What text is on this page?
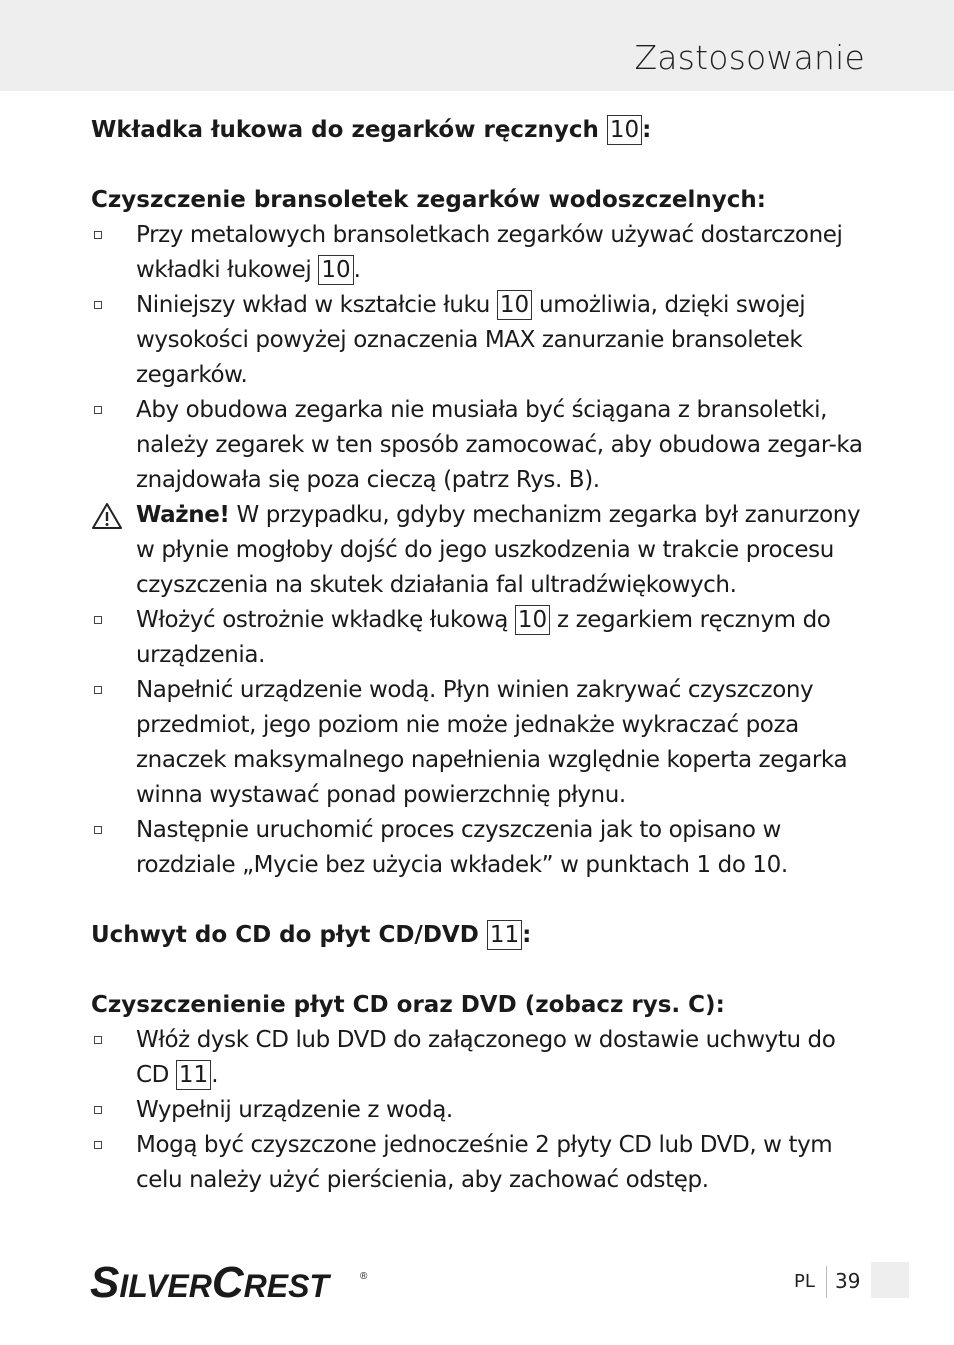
Zastosowanie

Wkładka łukowa do zegarków ręcznych 10 :

Czyszczenie bransoletek zegarków wodoszczelnych:

Przy metalowych bransoletkach zegarków używać dostarczonej wkładki łukowej 10 .

Niniejszy wkład w kształcie łuku 10 umożliwia, dzięki swojej wysokości powyżej oznaczenia MAX zanurzanie bransoletek zegarków.

Aby obudowa zegarka nie musiała być ściągana z bransoletki, należy zegarek w ten sposób zamocować, aby obudowa zegar-ka znajdowała się poza cieczą (patrz Rys. B).

Ważne! W przypadku, gdyby mechanizm zegarka był zanurzony w płynie mogłoby dojść do jego uszkodzenia w trakcie procesu czyszczenia na skutek działania fal ultradźwiękowych.

Włożyć ostrożnie wkładkę łukową 10 z zegarkiem ręcznym do urządzenia.

Napełnić urządzenie wodą. Płyn winien zakrywać czyszczony przedmiot, jego poziom nie może jednakże wykraczać poza znaczek maksymalnego napełnienia względnie koperta zegarka winna wystawać ponad powierzchnię płynu.

Następnie uruchomić proces czyszczenia jak to opisano w rozdziale „Mycie bez użycia wkładek” w punktach 1 do 10.

Uchwyt do CD do płyt CD/DVD 11 :

Czyszczenienie płyt CD oraz DVD (zobacz rys. C):

Włóż dysk CD lub DVD do załączonego w dostawie uchwytu do CD 11 .

Wypełnij urządzenie z wodą.

Mogą być czyszczone jednocześnie 2 płyty CD lub DVD, w tym celu należy użyć pierścienia, aby zachować odstęp.

SILVERCREST	®	PL 39
